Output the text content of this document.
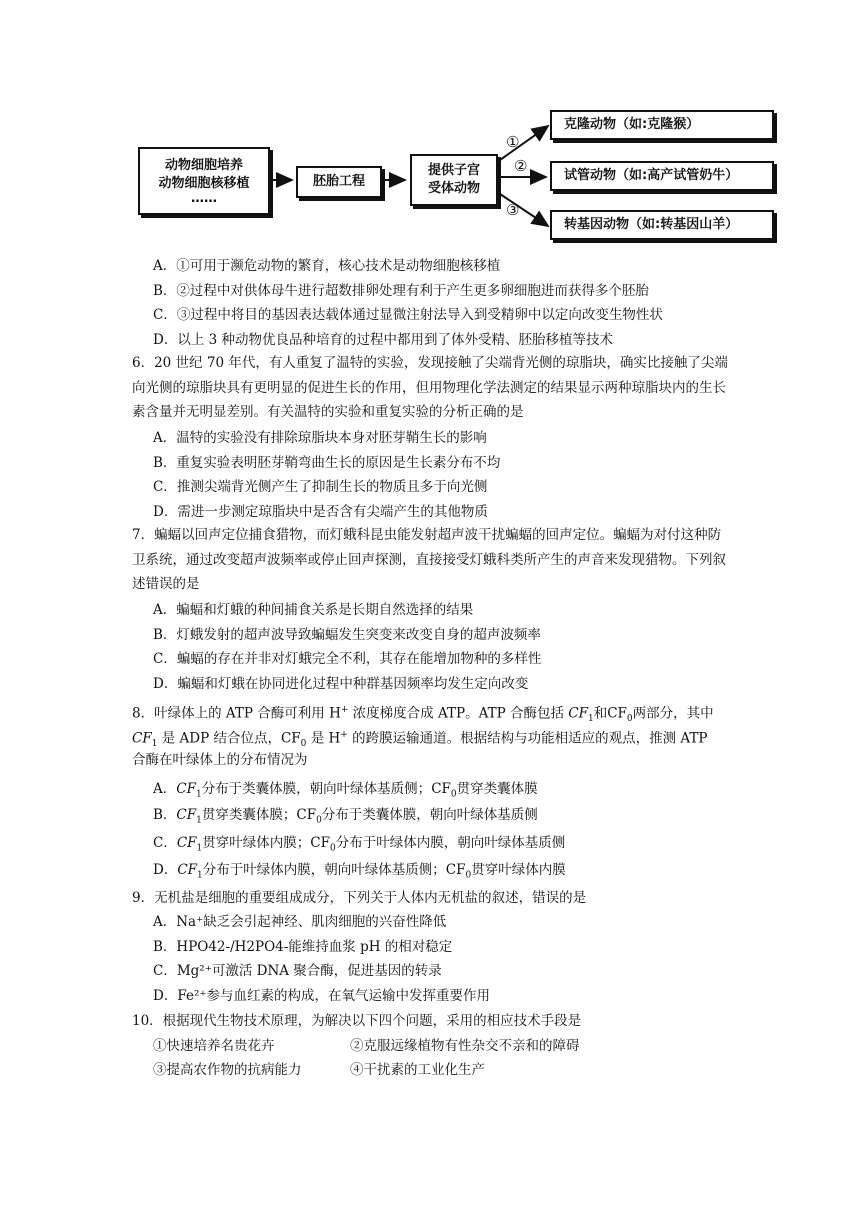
动物细胞培养
动物细胞核移植
……
胚胎工程
提供子宫
受体动物
①
②
③
克隆动物（如:克隆猴）
试管动物（如:高产试管奶牛）
转基因动物（如:转基因山羊）
A．①可用于濒危动物的繁育，核心技术是动物细胞核移植
B．②过程中对供体母牛进行超数排卵处理有利于产生更多卵细胞进而获得多个胚胎
C．③过程中将目的基因表达载体通过显微注射法导入到受精卵中以定向改变生物性状
D．以上 3 种动物优良品种培育的过程中都用到了体外受精、胚胎移植等技术
6．20 世纪 70 年代，有人重复了温特的实验，发现接触了尖端背光侧的琼脂块，确实比接触了尖端向光侧的琼脂块具有更明显的促进生长的作用，但用物理化学法测定的结果显示两种琼脂块内的生长素含量并无明显差别。有关温特的实验和重复实验的分析正确的是
A．温特的实验没有排除琼脂块本身对胚芽鞘生长的影响
B．重复实验表明胚芽鞘弯曲生长的原因是生长素分布不均
C．推测尖端背光侧产生了抑制生长的物质且多于向光侧
D．需进一步测定琼脂块中是否含有尖端产生的其他物质
7．蝙蝠以回声定位捕食猎物，而灯蛾科昆虫能发射超声波干扰蝙蝠的回声定位。蝙蝠为对付这种防卫系统，通过改变超声波频率或停止回声探测，直接接受灯蛾科类所产生的声音来发现猎物。下列叙述错误的是
A．蝙蝠和灯蛾的种间捕食关系是长期自然选择的结果
B．灯蛾发射的超声波导致蝙蝠发生突变来改变自身的超声波频率
C．蝙蝠的存在并非对灯蛾完全不利，其存在能增加物种的多样性
D．蝙蝠和灯蛾在协同进化过程中种群基因频率均发生定向改变
8．叶绿体上的 ATP 合酶可利用 H+ 浓度梯度合成 ATP。ATP 合酶包括 $CF_1$和$CF_0$两部分，其中
$CF_1$ 是 ADP 结合位点，$CF_0$ 是 H+ 的跨膜运输通道。根据结构与功能相适应的观点，推测 ATP
合酶在叶绿体上的分布情况为
A．$CF_1$分布于类囊体膜，朝向叶绿体基质侧；$CF_0$贯穿类囊体膜
B．$CF_1$贯穿类囊体膜；$CF_0$分布于类囊体膜，朝向叶绿体基质侧
C．$CF_1$贯穿叶绿体内膜；$CF_0$分布于叶绿体内膜，朝向叶绿体基质侧
D．$CF_1$分布于叶绿体内膜，朝向叶绿体基质侧；$CF_0$贯穿叶绿体内膜
9．无机盐是细胞的重要组成成分，下列关于人体内无机盐的叙述，错误的是
A．Na⁺缺乏会引起神经、肌肉细胞的兴奋性降低
B．HPO42-/H2PO4-能维持血浆 pH 的相对稳定
C．Mg²⁺可激活 DNA 聚合酶，促进基因的转录
D．Fe²⁺参与血红素的构成，在氧气运输中发挥重要作用
10．根据现代生物技术原理，为解决以下四个问题，采用的相应技术手段是
①快速培养名贵花卉	②克服远缘植物有性杂交不亲和的障碍
③提高农作物的抗病能力	④干扰素的工业化生产
